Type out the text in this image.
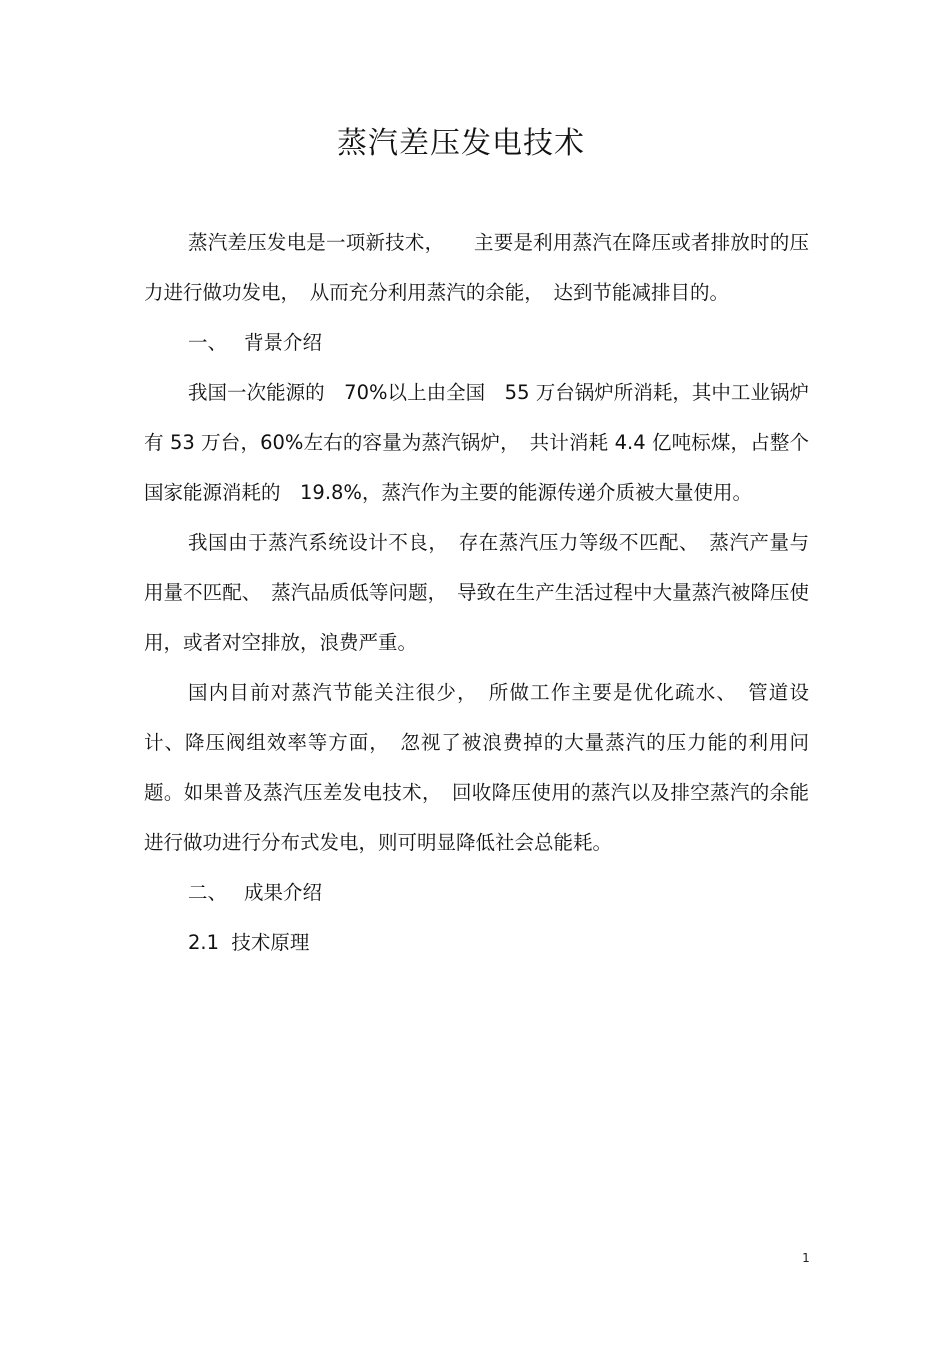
蒸汽差压发电技术

蒸汽差压发电是一项新技术，　　主要是利用蒸汽在降压或者排放时的压力进行做功发电，　从而充分利用蒸汽的余能，　达到节能减排目的。

一、 背景介绍

我国一次能源的　70%以上由全国　55 万台锅炉所消耗，其中工业锅炉有 53 万台，60%左右的容量为蒸汽锅炉，　共计消耗 4.4 亿吨标煤，占整个国家能源消耗的　19.8%，蒸汽作为主要的能源传递介质被大量使用。

我国由于蒸汽系统设计不良，　存在蒸汽压力等级不匹配、　蒸汽产量与用量不匹配、　蒸汽品质低等问题，　导致在生产生活过程中大量蒸汽被降压使用，或者对空排放，浪费严重。

国内目前对蒸汽节能关注很少，　所做工作主要是优化疏水、　管道设计、降压阀组效率等方面，　忽视了被浪费掉的大量蒸汽的压力能的利用问题。如果普及蒸汽压差发电技术，　回收降压使用的蒸汽以及排空蒸汽的余能进行做功进行分布式发电，则可明显降低社会总能耗。

二、 成果介绍

2.1 技术原理

1
